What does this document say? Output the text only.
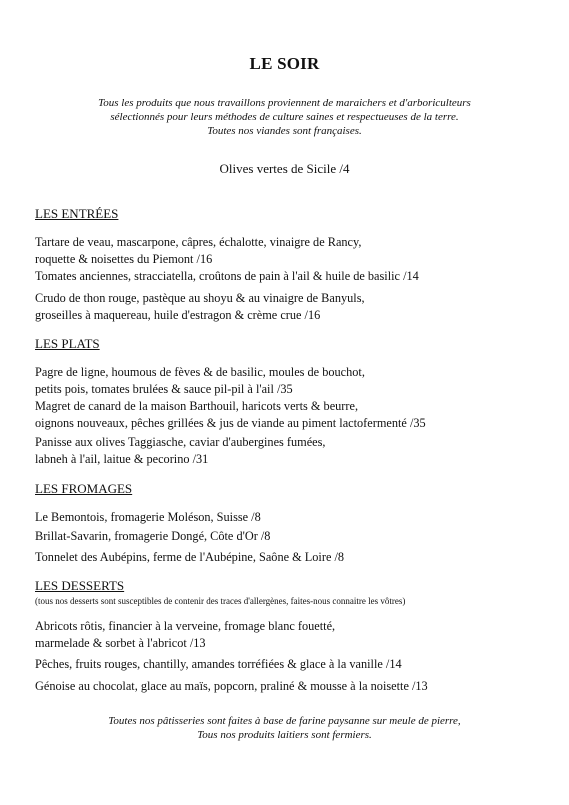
LE SOIR
Tous les produits que nous travaillons proviennent de maraichers et d'arboriculteurs
sélectionnés pour leurs méthodes de culture saines et respectueuses de la terre.
Toutes nos viandes sont françaises.
Olives vertes de Sicile /4
LES ENTRÉES
Tartare de veau, mascarpone, câpres, échalotte, vinaigre de Rancy,
roquette & noisettes du Piemont /16
Tomates anciennes, stracciatella, croûtons de pain à l'ail & huile de basilic /14
Crudo de thon rouge, pastèque au shoyu & au vinaigre de Banyuls,
groseilles à maquereau, huile d'estragon & crème crue /16
LES PLATS
Pagre de ligne, houmous de fèves & de basilic, moules de bouchot,
petits pois, tomates brulées & sauce pil-pil à l'ail /35
Magret de canard de la maison Barthouil, haricots verts & beurre,
oignons nouveaux, pêches grillées & jus de viande au piment lactofermenté /35
Panisse aux olives Taggiasche, caviar d'aubergines fumées,
labneh à l'ail, laitue & pecorino /31
LES FROMAGES
Le Bemontois, fromagerie Moléson, Suisse /8
Brillat-Savarin, fromagerie Dongé, Côte d'Or /8
Tonnelet des Aubépins, ferme de l'Aubépine, Saône & Loire /8
LES DESSERTS
(tous nos desserts sont susceptibles de contenir des traces d'allergènes, faites-nous connaitre les vôtres)
Abricots rôtis, financier à la verveine, fromage blanc fouetté,
marmelade & sorbet à l'abricot /13
Pêches, fruits rouges, chantilly, amandes torréfiées & glace à la vanille /14
Génoise au chocolat, glace au maïs, popcorn, praliné & mousse à la noisette /13
Toutes nos pâtisseries sont faites à base de farine paysanne sur meule de pierre,
Tous nos produits laitiers sont fermiers.
